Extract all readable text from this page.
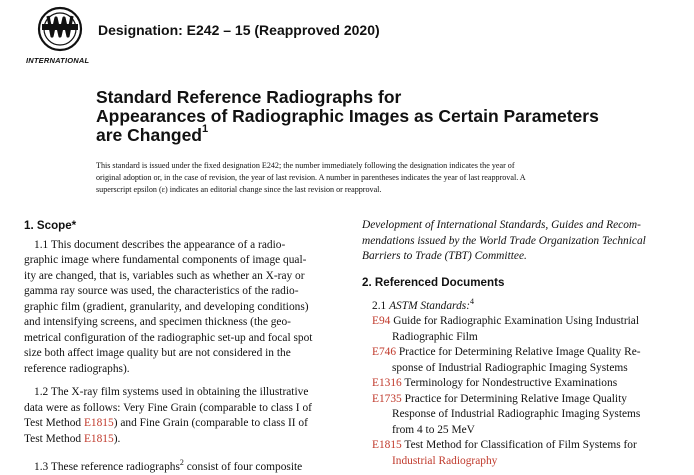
INTERNATIONAL
Designation: E242 – 15 (Reapproved 2020)
Standard Reference Radiographs for
Appearances of Radiographic Images as Certain Parameters
are Changed$^1$
This standard is issued under the fixed designation E242; the number immediately following the designation indicates the year of
original adoption or, in the case of revision, the year of last revision. A number in parentheses indicates the year of last reapproval. A
superscript epsilon (ε) indicates an editorial change since the last revision or reapproval.
1. Scope*
1.1 This document describes the appearance of a radio-
graphic image where fundamental components of image qual-
ity are changed, that is, variables such as whether an X-ray or
gamma ray source was used, the characteristics of the radio-
graphic film (gradient, granularity, and developing conditions)
and intensifying screens, and specimen thickness (the geo-
metrical configuration of the radiographic set-up and focal spot
size both affect image quality but are not considered in the
reference radiographs).
1.2 The X-ray film systems used in obtaining the illustrative
data were as follows: Very Fine Grain (comparable to class I of
Test Method E1815) and Fine Grain (comparable to class II of
Test Method E1815).
1.3 These reference radiographs$^2$ consist of four composite
Development of International Standards, Guides and Recom-
mendations issued by the World Trade Organization Technical
Barriers to Trade (TBT) Committee.
2. Referenced Documents
2.1 ASTM Standards:$^4$
E94 Guide for Radiographic Examination Using Industrial
Radiographic Film
E746 Practice for Determining Relative Image Quality Re-
sponse of Industrial Radiographic Imaging Systems
E1316 Terminology for Nondestructive Examinations
E1735 Practice for Determining Relative Image Quality
Response of Industrial Radiographic Imaging Systems
from 4 to 25 MeV
E1815 Test Method for Classification of Film Systems for
Industrial Radiography
